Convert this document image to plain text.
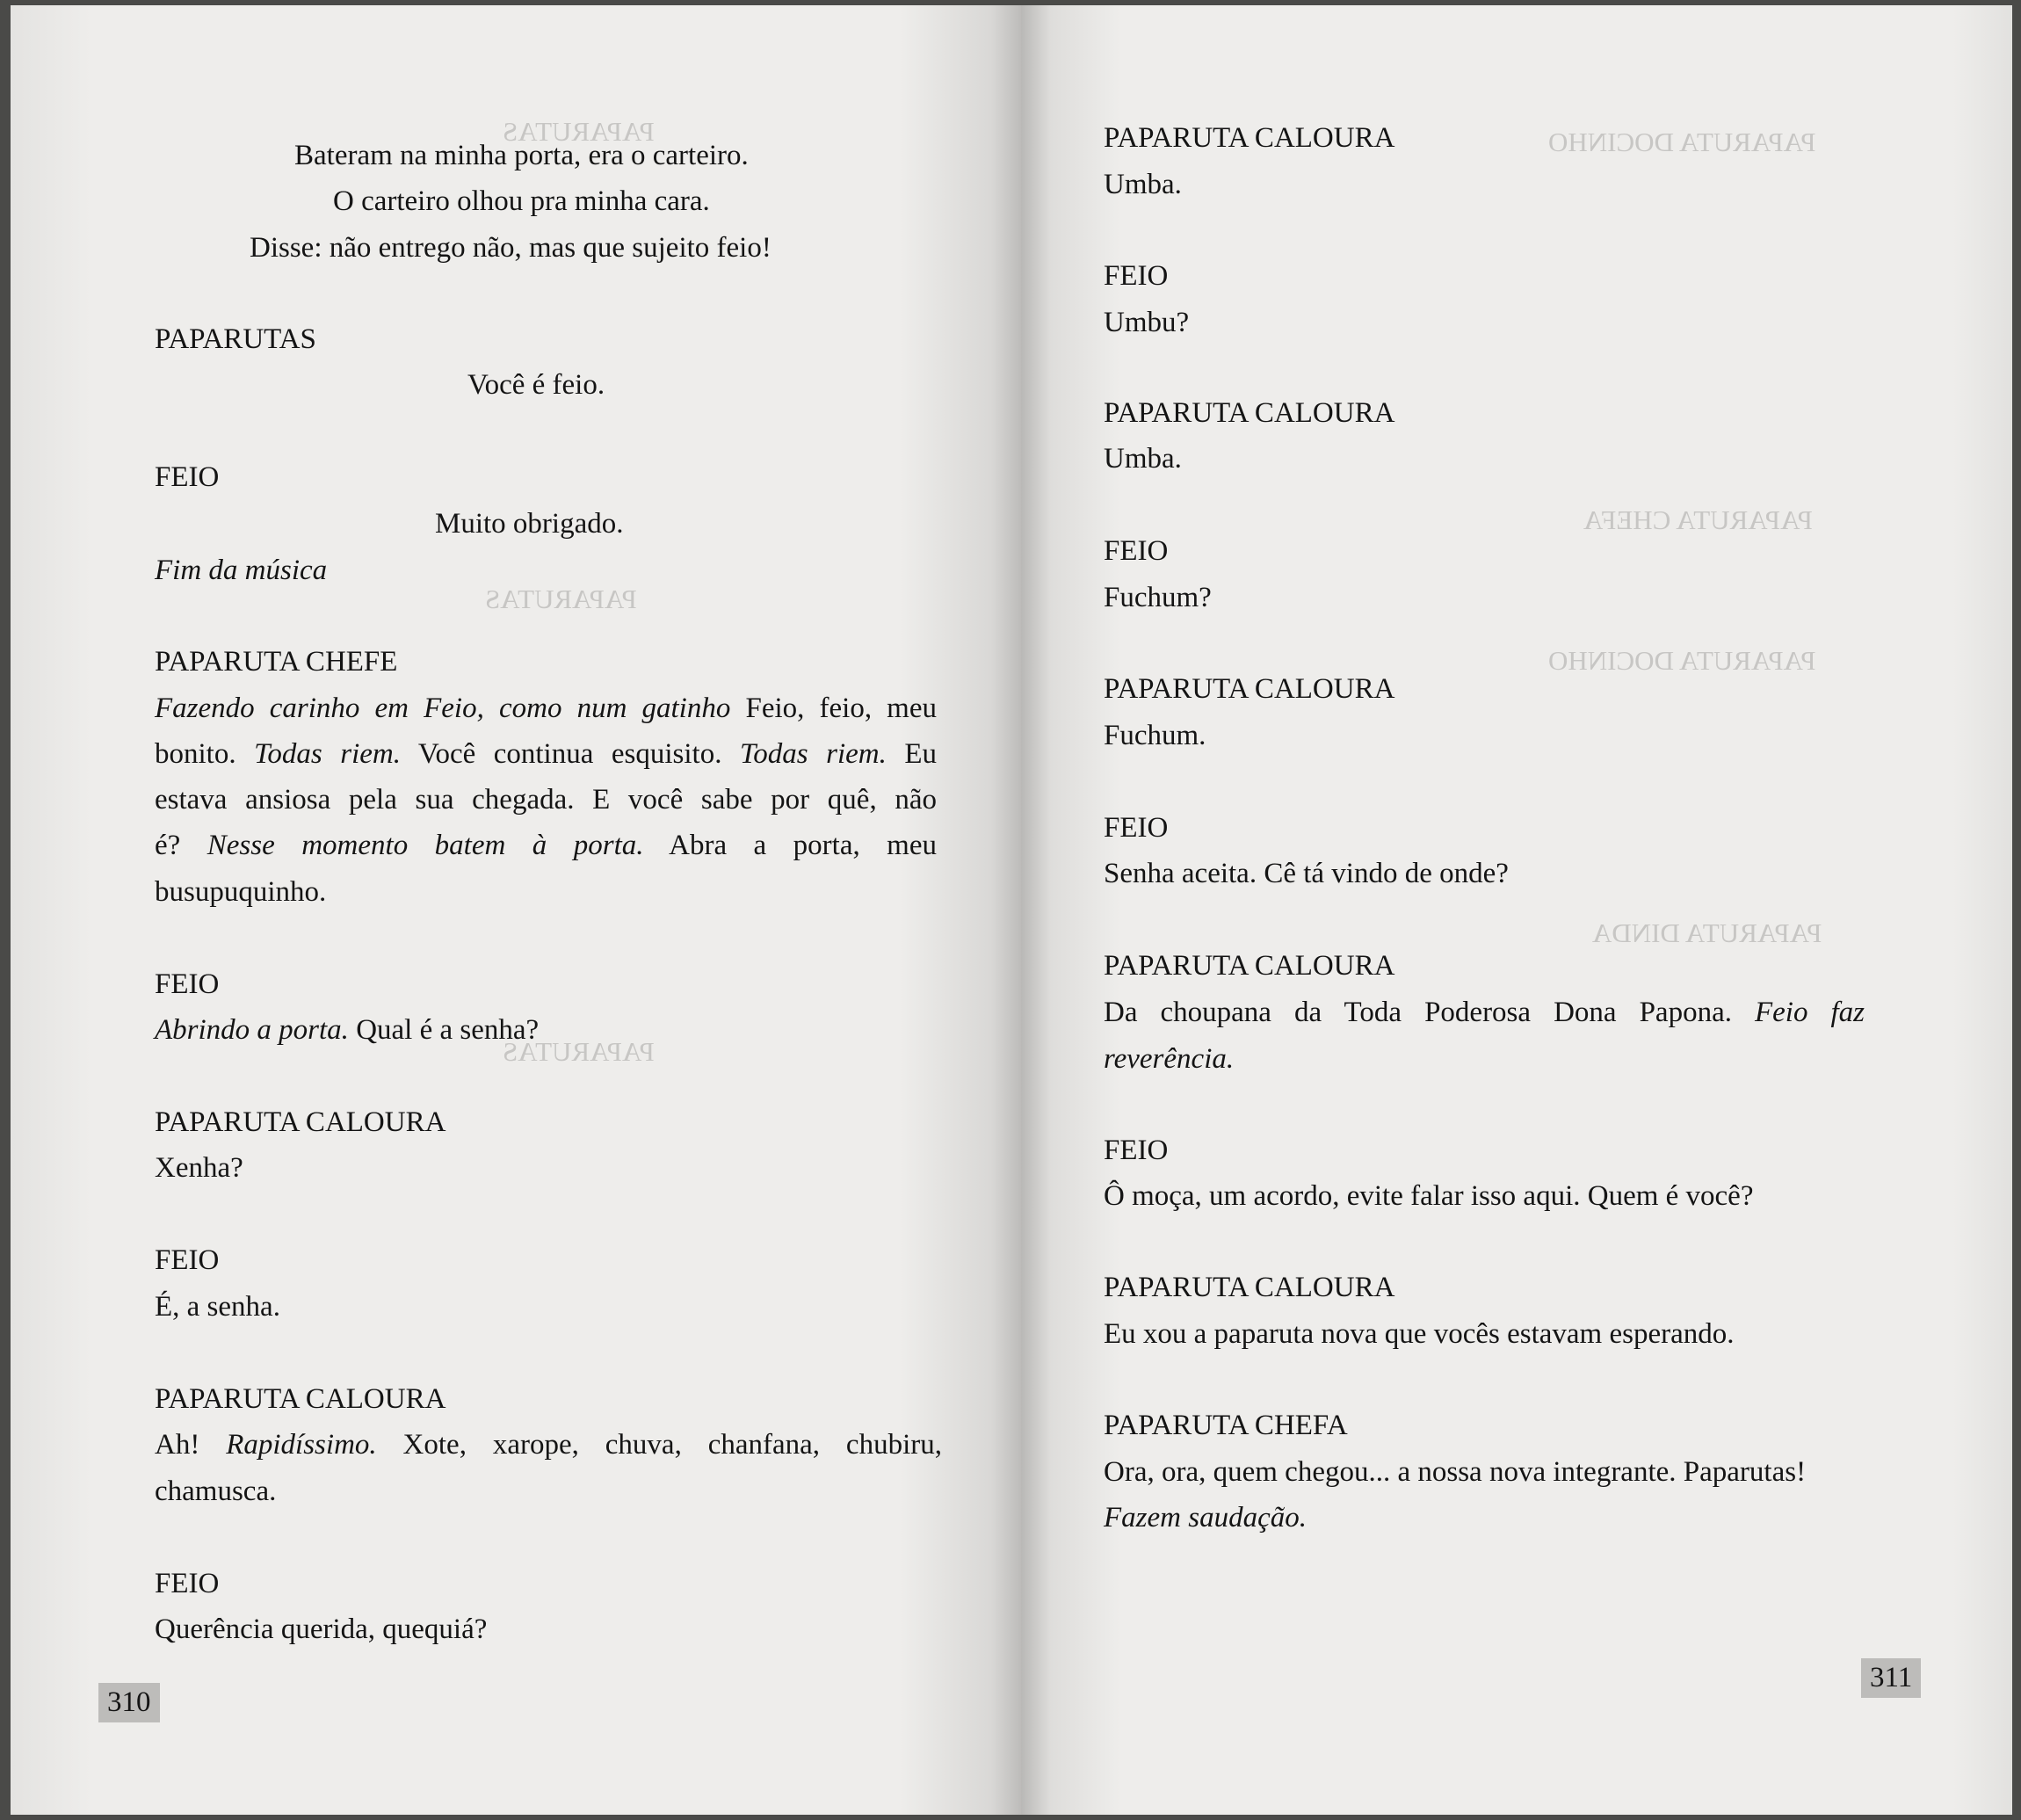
PAPARUTAS
PAPARUTAS
PAPARUTAS
Bateram na minha porta, era o carteiro.
O carteiro olhou pra minha cara.
Disse: não entrego não, mas que sujeito feio!
PAPARUTAS
Você é feio.
FEIO
Muito obrigado.
Fim da música
PAPARUTA CHEFE
Fazendo carinho em Feio, como num gatinho Feio, feio, meu
bonito. Todas riem. Você continua esquisito. Todas riem. Eu
estava ansiosa pela sua chegada. E você sabe por quê, não
é? Nesse momento batem à porta. Abra a porta, meu
busupuquinho.
FEIO
Abrindo a porta. Qual é a senha?
PAPARUTA CALOURA
Xenha?
FEIO
É, a senha.
PAPARUTA CALOURA
Ah! Rapidíssimo. Xote, xarope, chuva, chanfana, chubiru,
chamusca.
FEIO
Querência querida, quequiá?
310
PAPARUTA DOCINHO
PAPARUTA CHEFA
PAPARUTA DOCINHO
PAPARUTA DINDA
PAPARUTA CALOURA
Umba.
FEIO
Umbu?
PAPARUTA CALOURA
Umba.
FEIO
Fuchum?
PAPARUTA CALOURA
Fuchum.
FEIO
Senha aceita. Cê tá vindo de onde?
PAPARUTA CALOURA
Da choupana da Toda Poderosa Dona Papona. Feio faz
reverência.
FEIO
Ô moça, um acordo, evite falar isso aqui. Quem é você?
PAPARUTA CALOURA
Eu xou a paparuta nova que vocês estavam esperando.
PAPARUTA CHEFA
Ora, ora, quem chegou... a nossa nova integrante. Paparutas!
Fazem saudação.
311
